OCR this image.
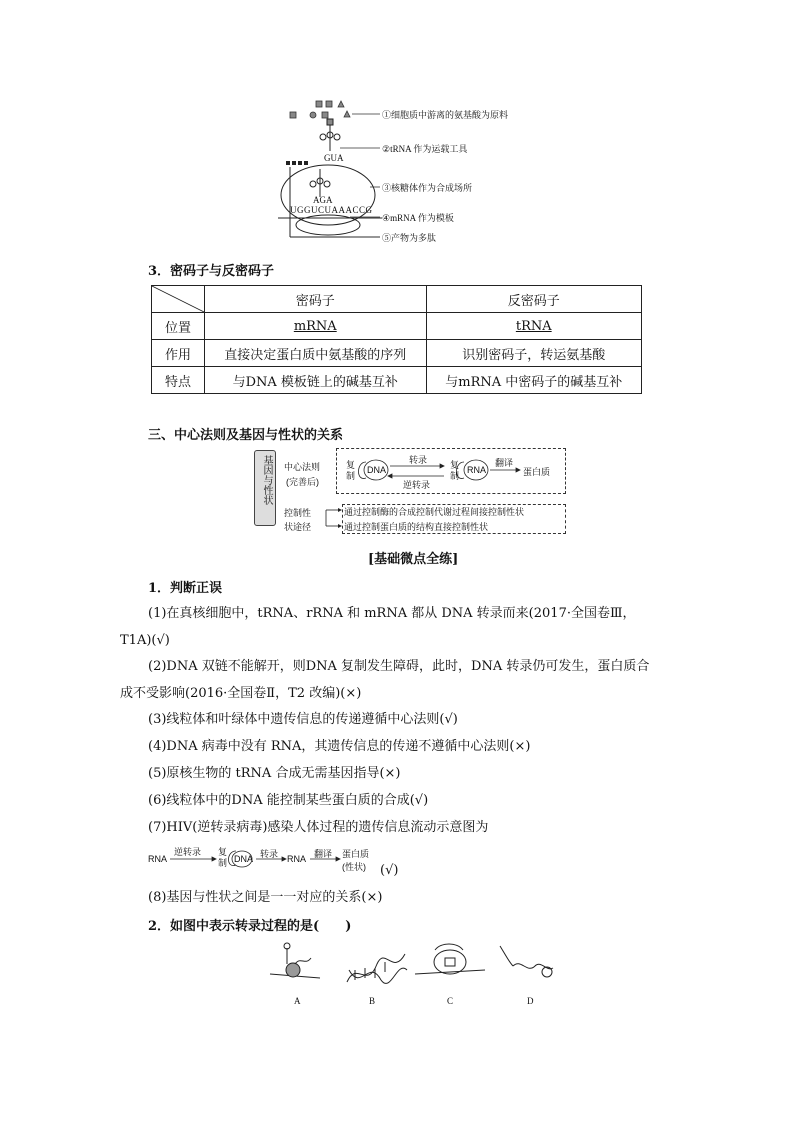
GUA
AGA
UGGUCUAAACCG
①细胞质中游离的氨基酸为原料
②tRNA 作为运载工具
③核糖体作为合成场所
④mRNA 作为模板
⑤产物为多肽
3．密码子与反密码子
	密码子	反密码子
位置	mRNA	tRNA
作用	直接决定蛋白质中氨基酸的序列	识别密码子，转运氨基酸
特点	与DNA 模板链上的碱基互补	与mRNA 中密码子的碱基互补
三、中心法则及基因与性状的关系
基因与性状 中心法则
(完善后)
复制
DNA
转录
逆转录
复制
RNA
翻译
蛋白质
控制性
状途径
通过控制酶的合成控制代谢过程间接控制性状
通过控制蛋白质的结构直接控制性状
[基础微点全练]
1．判断正误
(1)在真核细胞中，tRNA、rRNA 和 mRNA 都从 DNA 转录而来(2017·全国卷Ⅲ，
T1A)(√)
(2)DNA 双链不能解开，则DNA 复制发生障碍，此时，DNA 转录仍可发生，蛋白质合
成不受影响(2016·全国卷Ⅱ，T2 改编)(×)
(3)线粒体和叶绿体中遗传信息的传递遵循中心法则(√)
(4)DNA 病毒中没有 RNA，其遗传信息的传递不遵循中心法则(×)
(5)原核生物的 tRNA 合成无需基因指导(×)
(6)线粒体中的DNA 能控制某些蛋白质的合成(√)
(7)HIV(逆转录病毒)感染人体过程的遗传信息流动示意图为
RNA
逆转录 复制 DNA 转录 RNA 翻译 蛋白质
(性状) (√)
(8)基因与性状之间是一一对应的关系(×)
2．如图中表示转录过程的是(　　)
A	B	C	D
